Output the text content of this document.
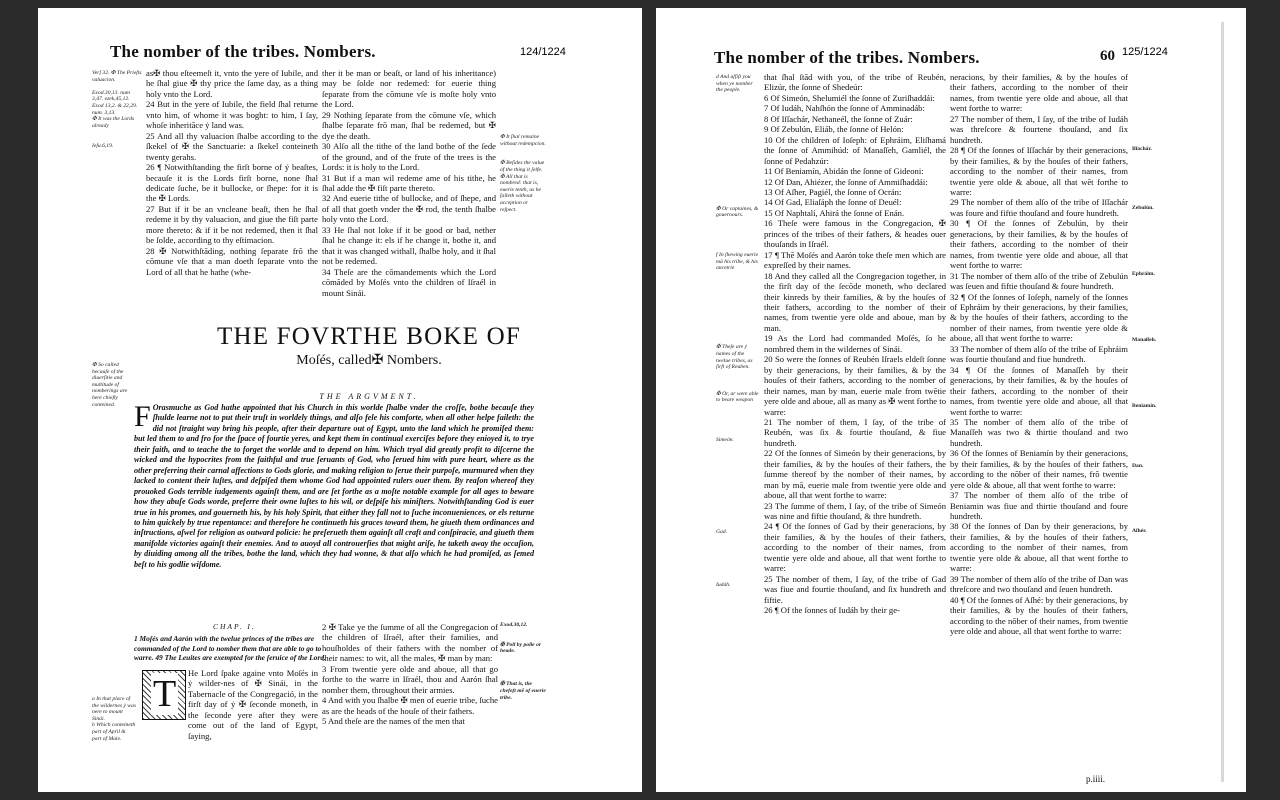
The nomber of the tribes. Nombers.	124/1224
Verſ 32. ✠ The Prieſts valuacion.

Exod.30,13. num 3,47. ezek,45,12.
Exod 13,2. & 22,29. num. 3,13.
✠ It was the Lords already

Ieſu.6,19.
as✠ thou eſteemeſt it, vnto the yere of Iubile, and he ſhal giue ✠ thy price the ſame day, as a thing holy vnto the Lord.
24 But in the yere of Iubile, the field ſhal returne vnto him, of whome it was boght: to him, I ſay, whoſe inheritāce ẏ land was.
25 And all thy valuacion ſhalbe according to the ſkekel of ✠ the Sanctuarie: a ſkekel conteineth twenty gerahs.
26 ¶ Notwithſtanding the firſt borne of ẏ beaſtes, becauſe it is the Lords firſt borne, none ſhal dedicate ſuche, be it bullocke, or ſhepe: for it is the ✠ Lords.
27 But if it be an vncleane beaſt, then he ſhal redeme it by thy valuacion, and giue the fiſt parte more thereto: & if it be not redemed, then it ſhal be ſolde, according to thy eſtimacion.
28 ✠ Notwithſtāding, nothing ſeparate frō the cōmune vſe that a man doeth ſeparate vnto the Lord of all that he hathe (whe-
ther it be man or beaſt, or land of his inheritance) may be ſolde nor redemed: for euerie thing ſeparate from the cōmune vſe is moſte holy vnto the Lord.
29 Nothing ſeparate from the cōmune vſe, which ſhalbe ſeparate frō man, ſhal be redemed, but ✠ dye the death.
30 Alſo all the tithe of the land bothe of the ſede of the ground, and of the frute of the trees is the Lords: it is holy to the Lord.
31 But if a man wil redeme ame of his tithe, he ſhal adde the ✠ fiſt parte thereto.
32 And euerie tithe of bullocke, and of ſhepe, and of all that goeth vnder the ✠ rod, the tenth ſhalbe holy vnto the Lord.
33 He ſhal not loke if it be good or bad, nether ſhal he change it: els if he change it, bothe it, and that it was changed withall, ſhalbe holy, and it ſhal not be redemed.
34 Theſe are the cōmandements which the Lord cōmāded by Moſés vnto the children of Iſraél in mount Sinái.
✠ It ſhal remaine without redempcion.

✠ Beſides the value of the thing it ſelfe.
✠ All that is nombred: that is, euerie tenth, as he ſalleth without acception or reſpect.
THE FOVRTHE BOKE OF
Moſés, called✠ Nombers.
✠ So called becauſe of the diuerſitie and multitude of nomberings are here chiefly conteined.
THE ARGVMENT.
F Orasmuche as God hathe appointed that his Church in this worlde ſhalbe vnder the croſſe, bothe becauſe they ſhulde learne not to put their truſt in worldely things, and alſo fele his comforte, when all other helpe faileth: the did not ſtraight way bring his people, after their departure out of Egypt, unto the land which he promiſed them: but led them to and fro for the ſpace of fourtie yeres, and kept them in continual exerciſes before they enioyed it, to trye their faith, and to teache the to forget the worlde and to depend on him. Which tryal did greatly profit to diſcerne the wicked and the hypocrites from the faithful and true ſeruants of God, who ſerued him with pure heart, where as the other preferring their carnal affections to Gods glorie, and making religion to ſerue their purpoſe, murmured when they lacked to content their luſtes, and deſpiſed them whome God had appointed rulers ouer them. By reaſon whereof they prouoked Gods terrible iudgements againſt them, and are ſet forthe as a moſte notable example for all ages to beware how they abuſe Gods worde, preferre their owne luſtes to his wil, or deſpiſe his miniſters. Notwithſtanding God is euer true in his promes, and gouerneth his, by his holy Spirit, that either they fall not to ſuche inconueniences, or els returne to him quickely by true repentance: and therefore he continueth his graces toward them, he giueth them ordinances and inſtructions, aſwel for religion as outward policie: he preſerueth them againſt all craft and conſpiracie, and giueth them manifolde victories againſt their enemies. And to auoyd all controuerſies that might ariſe, he taketh away the occaſion, by diuiding among all the tribes, bothe the land, which they had wonne, & that alſo which he had promiſed, as ſemed beſt to his godlie wiſdome.
CHAP. I.
1 Moſés and Aarón with the twelue princes of the tribes are commanded of the Lord to nomber them that are able to go to warre. 49 The Leuites are exempted for the ſeruice of the Lord.
a In that place of the wildernes ẏ was nere to mount Sinái.
b Which conteineth part of April & part of Maie.
T He Lord ſpake againe vnto Moſés in ẏ wilder-nes of ✠ Sinái, in the Tabernacle of the Congregació, in the firſt day of ẏ ✠ ſeconde moneth, in the ſeconde yere after they were come out of the land of Egypt, ſaying,
2 ✠ Take ye the ſumme of all the Congregacion of the children of Iſraél, after their families, and houſholdes of their fathers with the nomber of their names: to wit, all the males, ✠ man by man:
3 From twentie yere olde and aboue, all that go forthe to the warre in Iſraél, thou and Aarón ſhal nomber them, throughout their armies.
4 And with you ſhalbe ✠ men of euerie tribe, ſuche as are the heads of the houſe of their fathers.
5 And theſe are the names of the men that
Exod.30,12.

✠ Poll by polle or heade.

✠ That is, the chefeſt mē of euerie tribe.
The nomber of the tribes. Nombers.	60 125/1224
d And aſſiſt you when ye nomber the people.

✠ Or captaines, & gouernours.

f In ſhewing euerie mā his tribe, & his ancetrie

✠ Theſe are ẏ names of the twelue tribes, as ſirſt of Reuben.

✠ Or, ar were able to beare weapon

Simeón.

Gad.

Iudáh.
that ſhal ſtād with you, of the tribe of Reubén, Elizúr, the ſonne of Shedeúr:
6 Of Simeón, Shelumiél the ſonne of Zuriſhaddái:
7 Of Iudáh, Nahſhón the ſonne of Amminadáb:
8 Of Iſſachár, Nethaneél, the ſonne of Zuár:
9 Of Zebulún, Eliáb, the ſonne of Helón:
10 Of the children of Ioſeph: of Ephráim, Eliſhamá the ſonne of Ammihúd: of Manaſſeh, Gamliél, the ſonne of Pedahzúr:
11 Of Beniamín, Abidán the ſonne of Gideoni:
12 Of Dan, Ahiézer, the ſonne of Ammiſhaddái:
13 Of Aſher, Pagiél, the ſonne of Ocrán:
14 Of Gad, Eliaſáph the ſonne of Deuél:
15 Of Naphtalí, Ahirá the ſonne of Enán.
16 Theſe were famous in the Congregacion, ✠ princes of the tribes of their fathers, & heades ouer thouſands in Iſraél.
17 ¶ Thē Moſés and Aarón toke theſe men which are expreſſed by their names.
18 And they called all the Congregacion together, in the firſt day of the ſecōde moneth, who declared their kinreds by their families, & by the houſes of their fathers, according to the nomber of their names, from twentie yere olde and aboue, man by man.
19 As the Lord had commanded Moſés, ſo he nombred them in the wildernes of Sinái.
20 So were the ſonnes of Reubén Iſraels eldeſt ſonne by their generacions, by their families, & by the houſes of their fathers, according to the nomber of their names, man by man, euerie male from twētie yere olde and aboue, all as many as ✠ went forthe to warre:
21 The nomber of them, I ſay, of the tribe of Reubén, was ſix & fourtie thouſand, & fiue hundreth.
22 Of the ſonnes of Simeón by their generacions, by their families, & by the houſes of their fathers, the ſumme thereof by the nomber of their names, by man by mā, euerie male from twentie yere olde and aboue, all that went forthe to warre:
23 The ſumme of them, I ſay, of the tribe of Simeón was nine and fiftie thouſand, & thre hundreth.
24 ¶ Of the ſonnes of Gad by their generacions, by their families, & by the houſes of their fathers, according to the nomber of their names, from twentie yere olde and aboue, all that went forthe to warre:
25 The nomber of them, I ſay, of the tribe of Gad was fiue and fourtie thouſand, and ſix hundreth and fiftie.
26 ¶ Of the ſonnes of Iudáh by their ge-
neracions, by their families, & by the houſes of their fathers, according to the nomber of their names, from twentie yere olde and aboue, all that went forthe to warre:
27 The nomber of them, I ſay, of the tribe of Iudáh was threſcore & fourtene thouſand, and ſix hundreth.
28 ¶ Of the ſonnes of Iſſachár by their generacions, by their families, & by the houſes of their fathers, according to the nomber of their names, from twentie yere olde & aboue, all that wēt forthe to warre:
29 The nomber of them alſo of the tribe of Iſſachár was foure and fiftie thouſand and foure hundreth.
30 ¶ Of the ſonnes of Zebulún, by their generacions, by their families, & by the houſes of their fathers, according to the nomber of their names, from twentie yere olde and aboue, all that went forthe to warre:
31 The nomber of them alſo of the tribe of Zebulún was ſeuen and fiftie thouſand & foure hundreth.
32 ¶ Of the ſonnes of Ioſeph, namely of the ſonnes of Ephráim by their generacions, by their families, & by the houſes of their fathers, according to the nomber of their names, from twentie yere olde & aboue, all that went forthe to warre:
33 The nomber of them alſo of the tribe of Ephráim was fourtie thouſand and fiue hundreth.
34 ¶ Of the ſonnes of Manaſſeh by their generacions, by their families, & by the houſes of their fathers, according to the nomber of their names, from twentie yere olde and aboue, all that went forthe to warre:
35 The nomber of them alſo of the tribe of Manaſſeh was two & thirtie thouſand and two hundreth.
36 Of the ſonnes of Beniamín by their generacions, by their families, & by the houſes of their fathers, according to the nōber of their names, frō twentie yere olde & aboue, all that went forthe to warre:
37 The nomber of them alſo of the tribe of Beniamin was fiue and thirtie thouſand and foure hundreth.
38 Of the ſonnes of Dan by their generacions, by their families, & by the houſes of their fathers, according to the nomber of their names, from twentie yere olde & aboue, all that went forthe to warre:
39 The nomber of them alſo of the tribe of Dan was threſcore and two thouſand and ſeuen hundreth.
40 ¶ Of the ſonnes of Aſhé: by their generacions, by their families, & by the houſes of their fathers, according to the nōber of their names, from twentie yere olde and aboue, all that went forthe to warre:
Iſſachár.

Zebulún.

Ephráim.

Manaſſeh.

Beniamín.

Dan.

Aſhér.
p.iiii.
